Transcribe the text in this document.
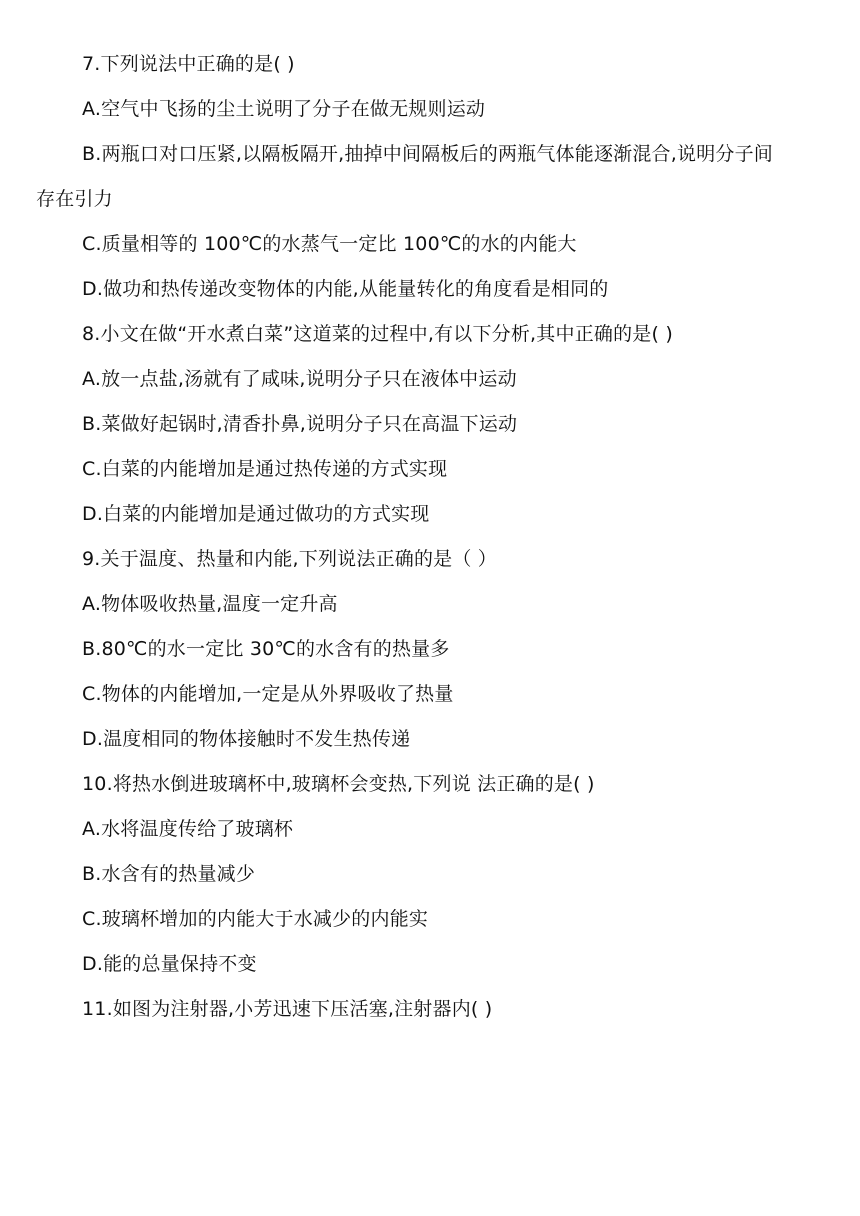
7.下列说法中正确的是( )
A.空气中飞扬的尘土说明了分子在做无规则运动
B.两瓶口对口压紧,以隔板隔开,抽掉中间隔板后的两瓶气体能逐渐混合,说明分子间
存在引力
C.质量相等的 100℃的水蒸气一定比 100℃的水的内能大
D.做功和热传递改变物体的内能,从能量转化的角度看是相同的
8.小文在做“开水煮白菜”这道菜的过程中,有以下分析,其中正确的是( )
A.放一点盐,汤就有了咸味,说明分子只在液体中运动
B.菜做好起锅时,清香扑鼻,说明分子只在高温下运动
C.白菜的内能增加是通过热传递的方式实现
D.白菜的内能增加是通过做功的方式实现
9.关于温度、热量和内能,下列说法正确的是（ ）
A.物体吸收热量,温度一定升高
B.80℃的水一定比 30℃的水含有的热量多
C.物体的内能增加,一定是从外界吸收了热量
D.温度相同的物体接触时不发生热传递
10.将热水倒进玻璃杯中,玻璃杯会变热,下列说 法正确的是( )
A.水将温度传给了玻璃杯
B.水含有的热量减少
C.玻璃杯增加的内能大于水减少的内能实
D.能的总量保持不变
11.如图为注射器,小芳迅速下压活塞,注射器内( )
